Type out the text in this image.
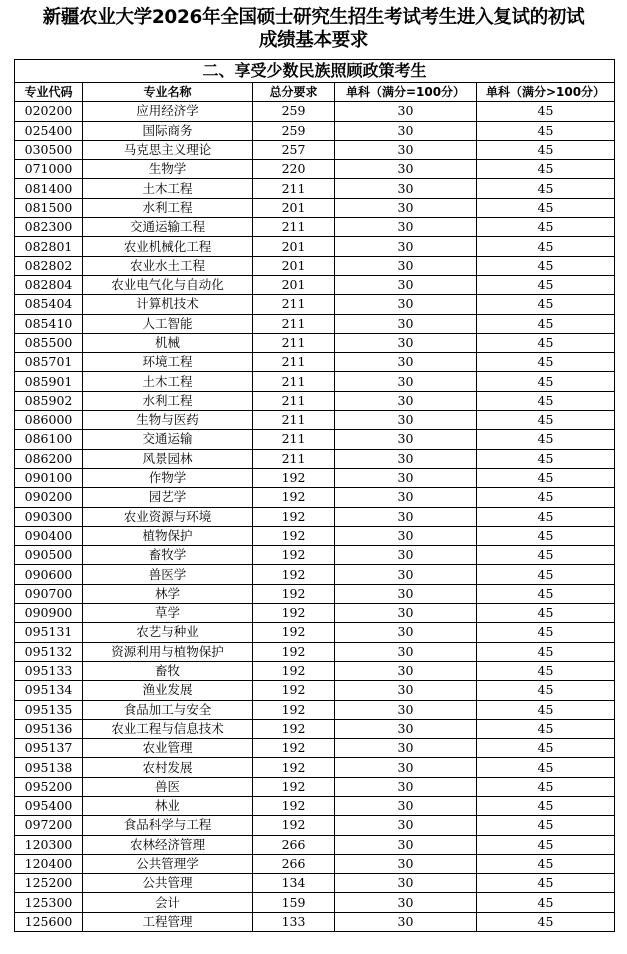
新疆农业大学2026年全国硕士研究生招生考试考生进入复试的初试
成绩基本要求
二、享受少数民族照顾政策考生				
专业代码	专业名称	总分要求	单科（满分=100分）	单科（满分>100分）
020200	应用经济学	259	30	45
025400	国际商务	259	30	45
030500	马克思主义理论	257	30	45
071000	生物学	220	30	45
081400	土木工程	211	30	45
081500	水利工程	201	30	45
082300	交通运输工程	211	30	45
082801	农业机械化工程	201	30	45
082802	农业水土工程	201	30	45
082804	农业电气化与自动化	201	30	45
085404	计算机技术	211	30	45
085410	人工智能	211	30	45
085500	机械	211	30	45
085701	环境工程	211	30	45
085901	土木工程	211	30	45
085902	水利工程	211	30	45
086000	生物与医药	211	30	45
086100	交通运输	211	30	45
086200	风景园林	211	30	45
090100	作物学	192	30	45
090200	园艺学	192	30	45
090300	农业资源与环境	192	30	45
090400	植物保护	192	30	45
090500	畜牧学	192	30	45
090600	兽医学	192	30	45
090700	林学	192	30	45
090900	草学	192	30	45
095131	农艺与种业	192	30	45
095132	资源利用与植物保护	192	30	45
095133	畜牧	192	30	45
095134	渔业发展	192	30	45
095135	食品加工与安全	192	30	45
095136	农业工程与信息技术	192	30	45
095137	农业管理	192	30	45
095138	农村发展	192	30	45
095200	兽医	192	30	45
095400	林业	192	30	45
097200	食品科学与工程	192	30	45
120300	农林经济管理	266	30	45
120400	公共管理学	266	30	45
125200	公共管理	134	30	45
125300	会计	159	30	45
125600	工程管理	133	30	45
